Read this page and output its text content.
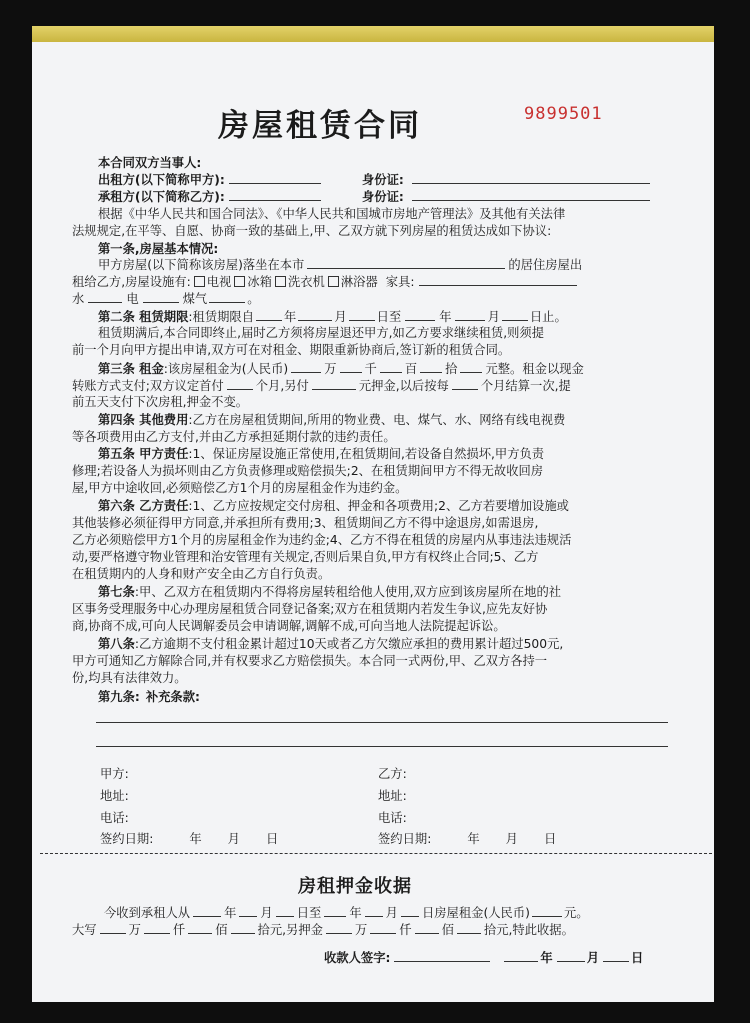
房屋租赁合同	9899501
本合同双方当事人:
出租方(以下简称甲方):	身份证:
承租方(以下简称乙方):	身份证:
根据《中华人民共和国合同法》、《中华人民共和国城市房地产管理法》及其他有关法律
法规规定,在平等、自愿、协商一致的基础上,甲、乙双方就下列房屋的租赁达成如下协议:
第一条,房屋基本情况:
甲方房屋(以下简称该房屋)落坐在本市	的居住房屋出
租给乙方,房屋设施有: 电视 冰箱 洗衣机 淋浴器 家具:
水	电	煤气	。
第二条 租赁期限:租赁期限自 年	月 日至	年	月 日止。
租赁期满后,本合同即终止,届时乙方须将房屋退还甲方,如乙方要求继续租赁,则须提
前一个月向甲方提出申请,双方可在对租金、期限重新协商后,签订新的租赁合同。
第三条 租金:该房屋租金为(人民币)	万 千 百 拾 元整。租金以现金
转账方式支付;双方议定首付	个月,另付	元押金,以后按每	个月结算一次,提
前五天支付下次房租,押金不变。
第四条 其他费用:乙方在房屋租赁期间,所用的物业费、电、煤气、水、网络有线电视费
等各项费用由乙方支付,并由乙方承担延期付款的违约责任。
第五条 甲方责任:1、保证房屋设施正常使用,在租赁期间,若设备自然损坏,甲方负责
修理;若设备人为损坏则由乙方负责修理或赔偿损失;2、在租赁期间甲方不得无故收回房
屋,甲方中途收回,必须赔偿乙方1个月的房屋租金作为违约金。
第六条 乙方责任:1、乙方应按规定交付房租、押金和各项费用;2、乙方若要增加设施或
其他装修必须征得甲方同意,并承担所有费用;3、租赁期间乙方不得中途退房,如需退房,
乙方必须赔偿甲方1个月的房屋租金作为违约金;4、乙方不得在租赁的房屋内从事违法违规活
动,要严格遵守物业管理和治安管理有关规定,否则后果自负,甲方有权终止合同;5、乙方
在租赁期内的人身和财产安全由乙方自行负责。
第七条:甲、乙双方在租赁期内不得将房屋转租给他人使用,双方应到该房屋所在地的社
区事务受理服务中心办理房屋租赁合同登记备案;双方在租赁期内若发生争议,应先友好协
商,协商不成,可向人民调解委员会申请调解,调解不成,可向当地人法院提起诉讼。
第八条:乙方逾期不支付租金累计超过10天或者乙方欠缴应承担的费用累计超过500元,
甲方可通知乙方解除合同,并有权要求乙方赔偿损失。本合同一式两份,甲、乙双方各持一
份,均具有法律效力。
第九条: 补充条款:
甲方:	乙方:
地址:	地址:
电话:	电话:
签约日期:	年 月 日	签约日期:	年 月 日
房租押金收据
今收到承租人从	年 月 日至 年 月 日房屋租金(人民币)	元。
大写	万	仟 佰 拾元,另押金	万	仟 佰 拾元,特此收据。
收款人签字:	年	月	日
